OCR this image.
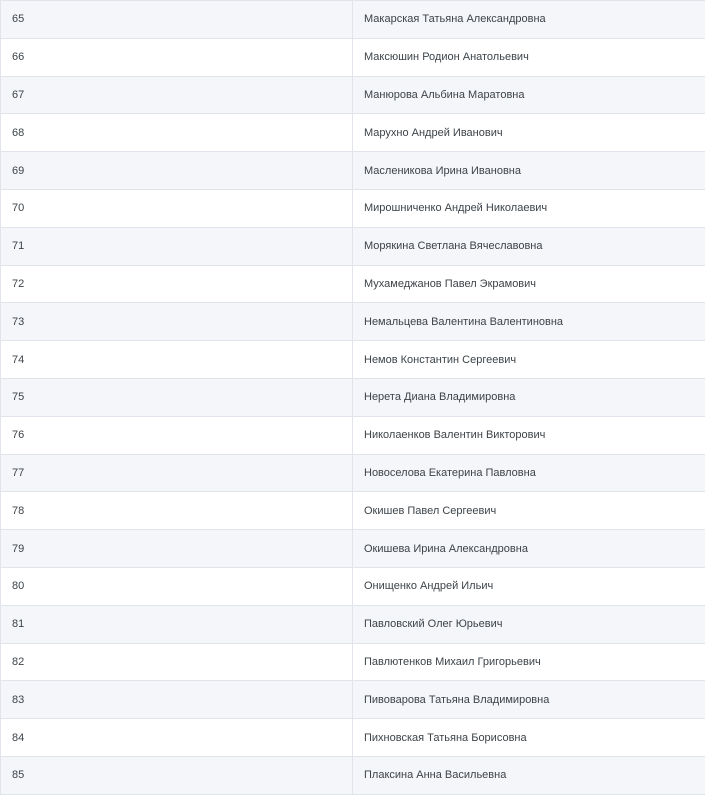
65	Макарская Татьяна Александровна
66	Максюшин Родион Анатольевич
67	Манюрова Альбина Маратовна
68	Марухно Андрей Иванович
69	Масленикова Ирина Ивановна
70	Мирошниченко Андрей Николаевич
71	Морякина Светлана Вячеславовна
72	Мухамеджанов Павел Экрамович
73	Немальцева Валентина Валентиновна
74	Немов Константин Сергеевич
75	Нерета Диана Владимировна
76	Николаенков Валентин Викторович
77	Новоселова Екатерина Павловна
78	Окишев Павел Сергеевич
79	Окишева Ирина Александровна
80	Онищенко Андрей Ильич
81	Павловский Олег Юрьевич
82	Павлютенков Михаил Григорьевич
83	Пивоварова Татьяна Владимировна
84	Пихновская Татьяна Борисовна
85	Плаксина Анна Васильевна
